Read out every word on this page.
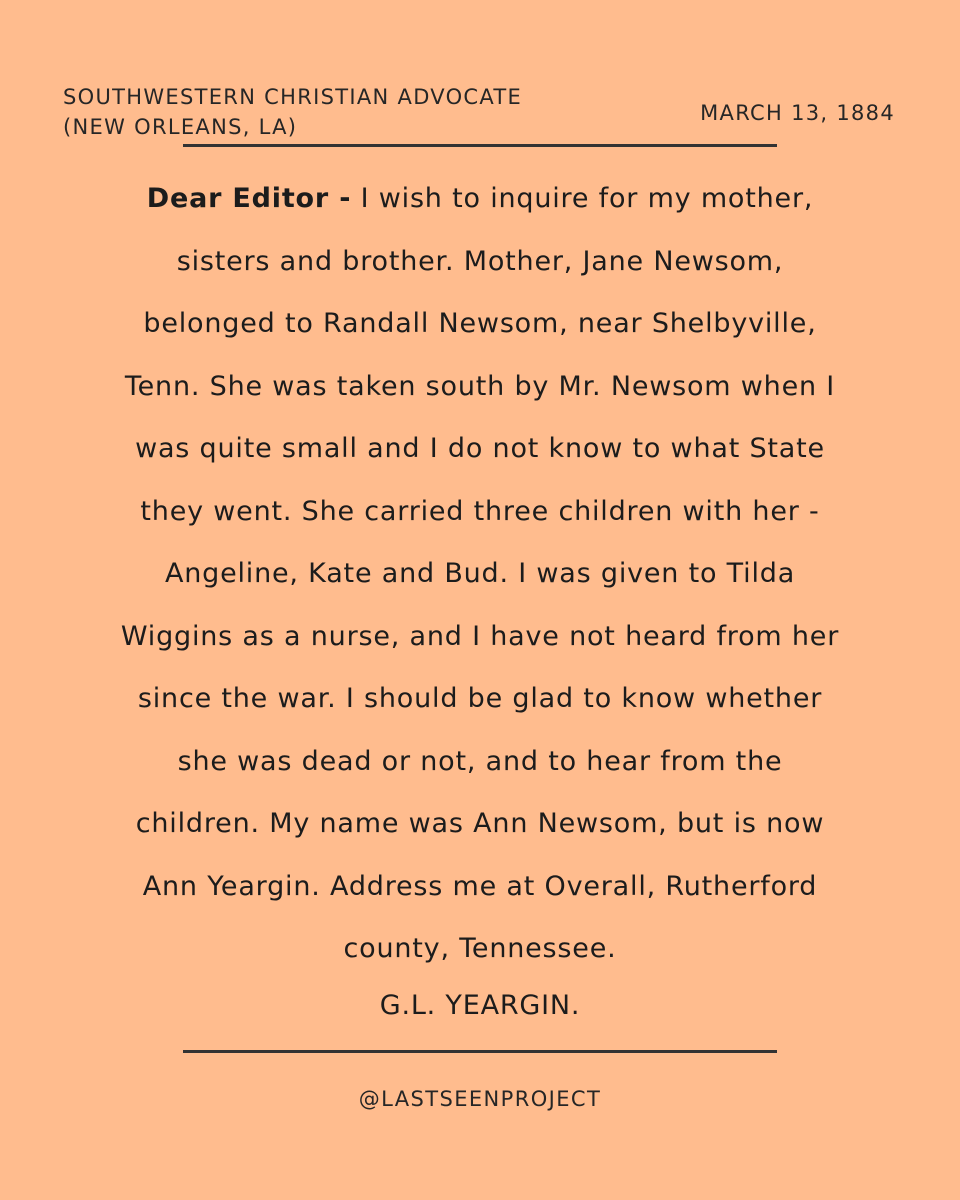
SOUTHWESTERN CHRISTIAN ADVOCATE
(NEW ORLEANS, LA)
MARCH 13, 1884

Dear Editor - I wish to inquire for my mother,
sisters and brother. Mother, Jane Newsom,
belonged to Randall Newsom, near Shelbyville,
Tenn. She was taken south by Mr. Newsom when I
was quite small and I do not know to what State
they went. She carried three children with her -
Angeline, Kate and Bud. I was given to Tilda
Wiggins as a nurse, and I have not heard from her
since the war. I should be glad to know whether
she was dead or not, and to hear from the
children. My name was Ann Newsom, but is now
Ann Yeargin. Address me at Overall, Rutherford
county, Tennessee.

G.L. YEARGIN.
@LASTSEENPROJECT
